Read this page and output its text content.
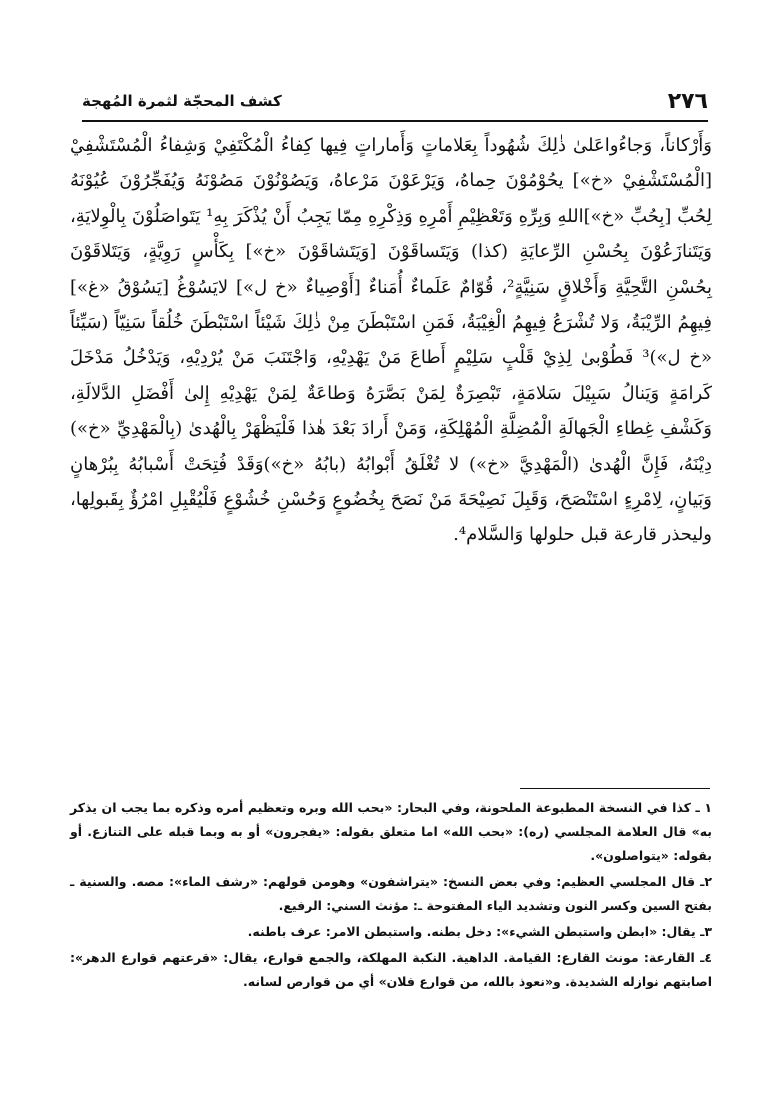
٢٧٦
كشف المحجّة لثمرة المُهجة

وَأَرْكاناً، وَجاءُواعَلىٰ ذٰلِكَ شُهُوداً بِعَلاماتٍ وَأَماراتٍ فِيها كِفاءُ الْمُكْتَفِيْ وَشِفاءُ الْمُسْتَشْفِيْ [الْمُسْتَشْفِيْ «خ»] يحُوْمُوْنَ حِماهُ، وَيَرْعَوْنَ مَرْعاهُ، وَيَصُوْنُوْنَ مَصُوْنَهُ وَيُفَجِّرُوْنَ عُيُوْنَهُ لِحُبِّ [بِحُبِّ «خ»]اللهِ وَبِرِّهِ وَتَعْظِيْمِ أَمْرِهِ وَذِكْرِهِ مِمّا يَجِبُ أَنْ يُذْكَرَ بِهِ¹ يَتَواصَلُوْنَ بِالْوِلايَةِ، وَيَتَنازَعُوْنَ بِحُسْنِ الرِّعايَةِ (كذا) وَيَتَساقَوْنَ [وَيَتَشاقَوْنَ «خ»] بِكَأْسٍ رَوِيَّةٍ، وَيَتَلاقَوْنَ بِحُسْنِ التَّحِيَّةِ وَأَخْلاقٍ سَنِيَّةٍ²، قُوّامٌ عَلَماءٌ أُمَناءٌ [أَوْصِياءٌ «خ ل»] لايَسُوْغُ [يَسُوْقُ «غ»] فِيهِمُ الرِّيْبَةُ، وَلا تُشْرَعُ فِيهِمُ الْغِيْبَةُ، فَمَنِ اسْتَبْطَنَ مِنْ ذٰلِكَ شَيْئاً اسْتَبْطَنَ خُلُقاً سَنِيّاً (سَيِّئاً «خ ل»)³ فَطُوْبىٰ لِذِيْ قَلْبٍ سَلِيْمٍ أَطاعَ مَنْ يَهْدِيْهِ، وَاجْتَنَبَ مَنْ يُرْدِيْهِ، وَيَدْخُلُ مَدْخَلَ كَرامَةٍ وَيَنالُ سَبِيْلَ سَلامَةٍ، تَبْصِرَةٌ لِمَنْ بَصَّرَهُ وَطاعَةٌ لِمَنْ يَهْدِيْهِ إِلىٰ أَفْضَلِ الدَّلالَةِ، وَكَشْفِ غِطاءِ الْجَهالَةِ الْمُضِلَّةِ الْمُهْلِكَةِ، وَمَنْ أَرادَ بَعْدَ هٰذا فَلْيَظْهَرْ بِالْهُدىٰ (بِالْمَهْدِيِّ «خ») دِيْنَهُ، فَإِنَّ الْهُدىٰ (الْمَهْدِيَّ «خ») لا تُغْلَقُ أَبْوابُهُ (بابُهُ «خ»)وَقَدْ فُتِحَتْ أَسْبابُهُ بِبُرْهانٍ وَبَيانٍ، لِامْرِءٍ اسْتَنْصَحَ، وَقَبِلَ نَصِيْحَةَ مَنْ نَصَحَ بِخُضُوعٍ وَحُسْنِ خُشُوْعٍ فَلْيُقْبِلِ امْرُؤٌ بِقَبولِها، وليحذر قارعة قبل حلولها وَالسَّلام⁴.

١ ـ كذا في النسخة المطبوعة الملحونة، وفي البحار: «بحب الله وبره وتعظيم أمره وذكره بما يجب ان يذكر به» قال العلامة المجلسي (ره): «بحب الله» اما متعلق بقوله: «يفجرون» أو به وبما قبله على التنازع. أو بقوله: «يتواصلون».

٢ـ قال المجلسي العظيم: وفي بعض النسخ: «يتراشفون» وهومن قولهم: «رشف الماء»: مصه. والسنية ـ بفتح السين وكسر النون وتشديد الياء المفتوحة ـ: مؤنث السني: الرفيع.

٣ـ يقال: «ابطن واستبطن الشيء»: دخل بطنه. واستبطن الامر: عرف باطنه.

٤ـ القارعة: مونث القارع: القيامة. الداهية. النكبة المهلكة، والجمع قوارع، يقال: «قرعتهم قوارع الدهر»: اصابتهم نوازله الشديدة. و«نعوذ بالله، من قوارع فلان» أي من قوارص لسانه.
